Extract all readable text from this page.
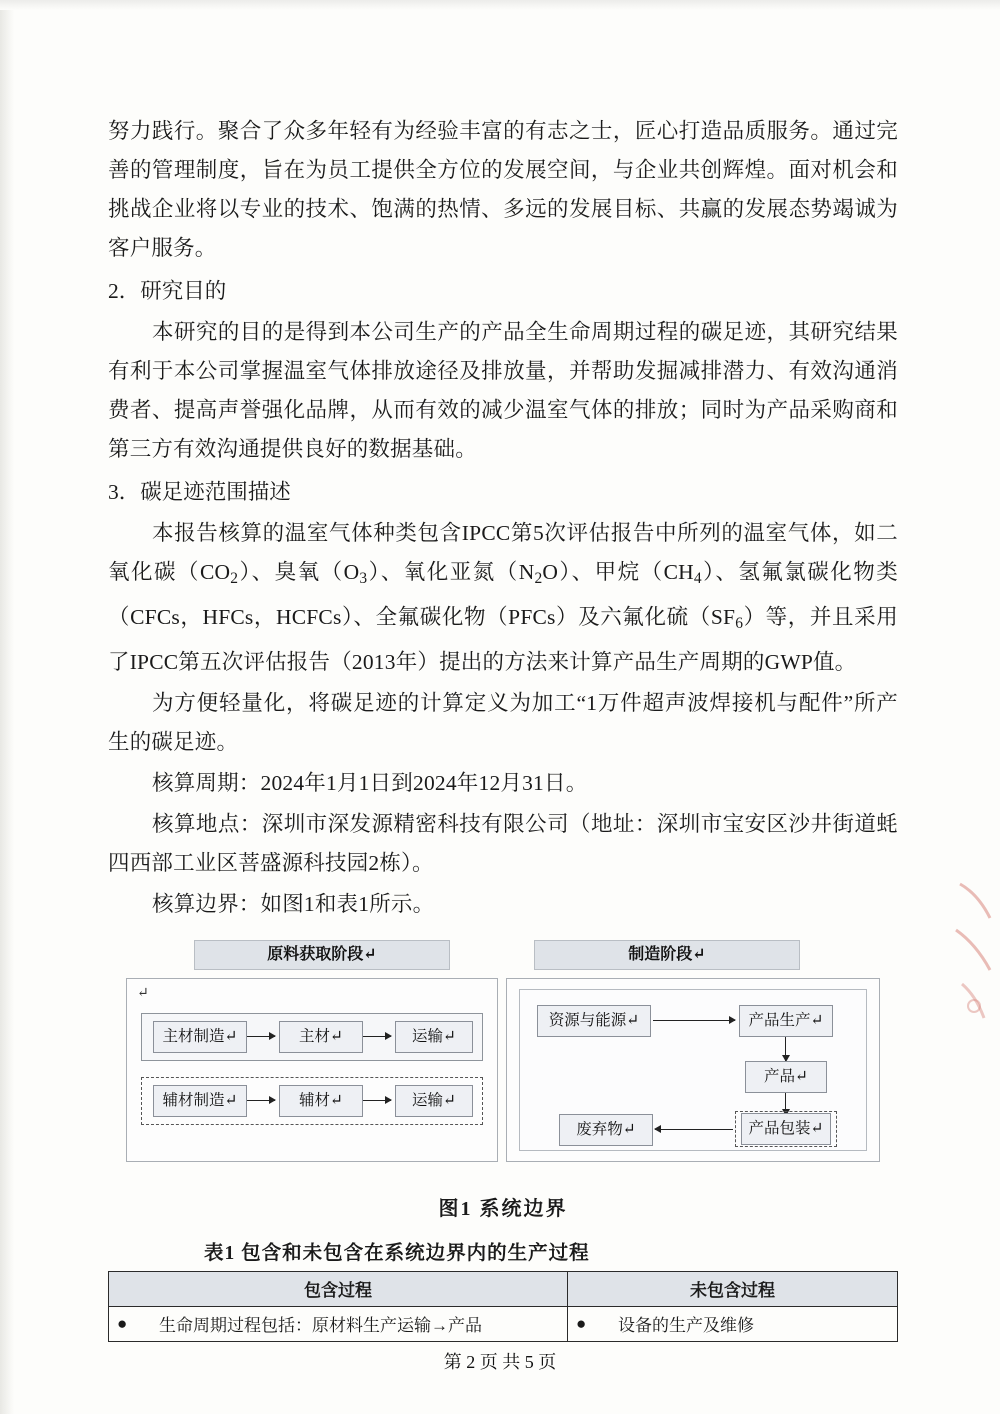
努力践行。聚合了众多年轻有为经验丰富的有志之士，匠心打造品质服务。通过完善的管理制度，旨在为员工提供全方位的发展空间，与企业共创辉煌。面对机会和挑战企业将以专业的技术、饱满的热情、多远的发展目标、共赢的发展态势竭诚为客户服务。

2．研究目的

本研究的目的是得到本公司生产的产品全生命周期过程的碳足迹，其研究结果有利于本公司掌握温室气体排放途径及排放量，并帮助发掘减排潜力、有效沟通消费者、提高声誉强化品牌，从而有效的减少温室气体的排放；同时为产品采购商和第三方有效沟通提供良好的数据基础。

3．碳足迹范围描述

本报告核算的温室气体种类包含IPCC第5次评估报告中所列的温室气体，如二氧化碳$(CO_2)$、臭氧$(O_3)$、氧化亚氮$(N_2O)$、甲烷$(CH_4)$、氢氟氯碳化物类（CFCs，HFCs，HCFCs）、全氟碳化物（PFCs）及六氟化硫$(SF_6)$等，并且采用了IPCC第五次评估报告（2013年）提出的方法来计算产品生产周期的GWP值。

为方便轻量化，将碳足迹的计算定义为加工“1万件超声波焊接机与配件”所产生的碳足迹。

核算周期：2024年1月1日到2024年12月31日。

核算地点：深圳市深发源精密科技有限公司（地址：深圳市宝安区沙井街道蚝四西部工业区菩盛源科技园2栋）。

核算边界：如图1和表1所示。

原料获取阶段↵	制造阶段↵
↵
主材制造↵	主材↵	运输↵
辅材制造↵	辅材↵	运输↵
资源与能源↵	产品生产↵
产品↵
产品包装↵
废弃物↵
图1 系统边界
表1 包含和未包含在系统边界内的生产过程
包含过程		未包含过程	
●	生命周期过程包括：原材料生产运输→产品	●	设备的生产及维修
第 2 页 共 5 页
